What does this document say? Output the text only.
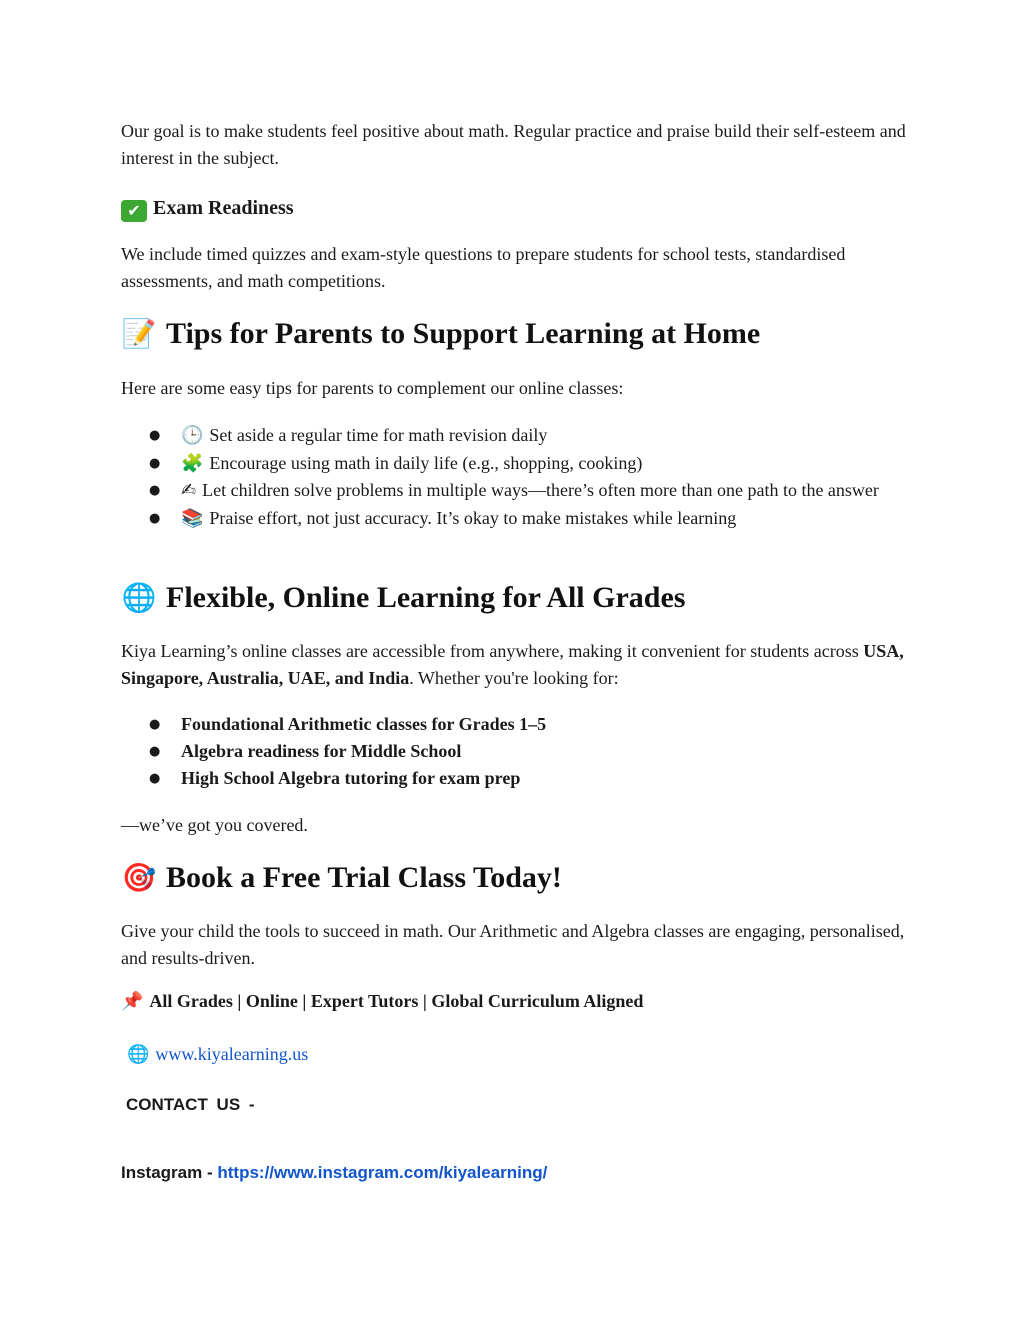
Our goal is to make students feel positive about math. Regular practice and praise build their self-esteem and interest in the subject.

✔ Exam Readiness

We include timed quizzes and exam-style questions to prepare students for school tests, standardised assessments, and math competitions.

📝 Tips for Parents to Support Learning at Home

Here are some easy tips for parents to complement our online classes:

● 🕒 Set aside a regular time for math revision daily
● 🧩 Encourage using math in daily life (e.g., shopping, cooking)
● ✍ Let children solve problems in multiple ways—there’s often more than one path to the answer
● 📚 Praise effort, not just accuracy. It’s okay to make mistakes while learning
🌐 Flexible, Online Learning for All Grades

Kiya Learning’s online classes are accessible from anywhere, making it convenient for students across USA, Singapore, Australia, UAE, and India. Whether you're looking for:

● Foundational Arithmetic classes for Grades 1–5
● Algebra readiness for Middle School
● High School Algebra tutoring for exam prep

—we’ve got you covered.

🎯 Book a Free Trial Class Today!

Give your child the tools to succeed in math. Our Arithmetic and Algebra classes are engaging, personalised, and results-driven.

📌 All Grades | Online | Expert Tutors | Global Curriculum Aligned
🌐 www.kiyalearning.us
CONTACT US -
Instagram - https://www.instagram.com/kiyalearning/
